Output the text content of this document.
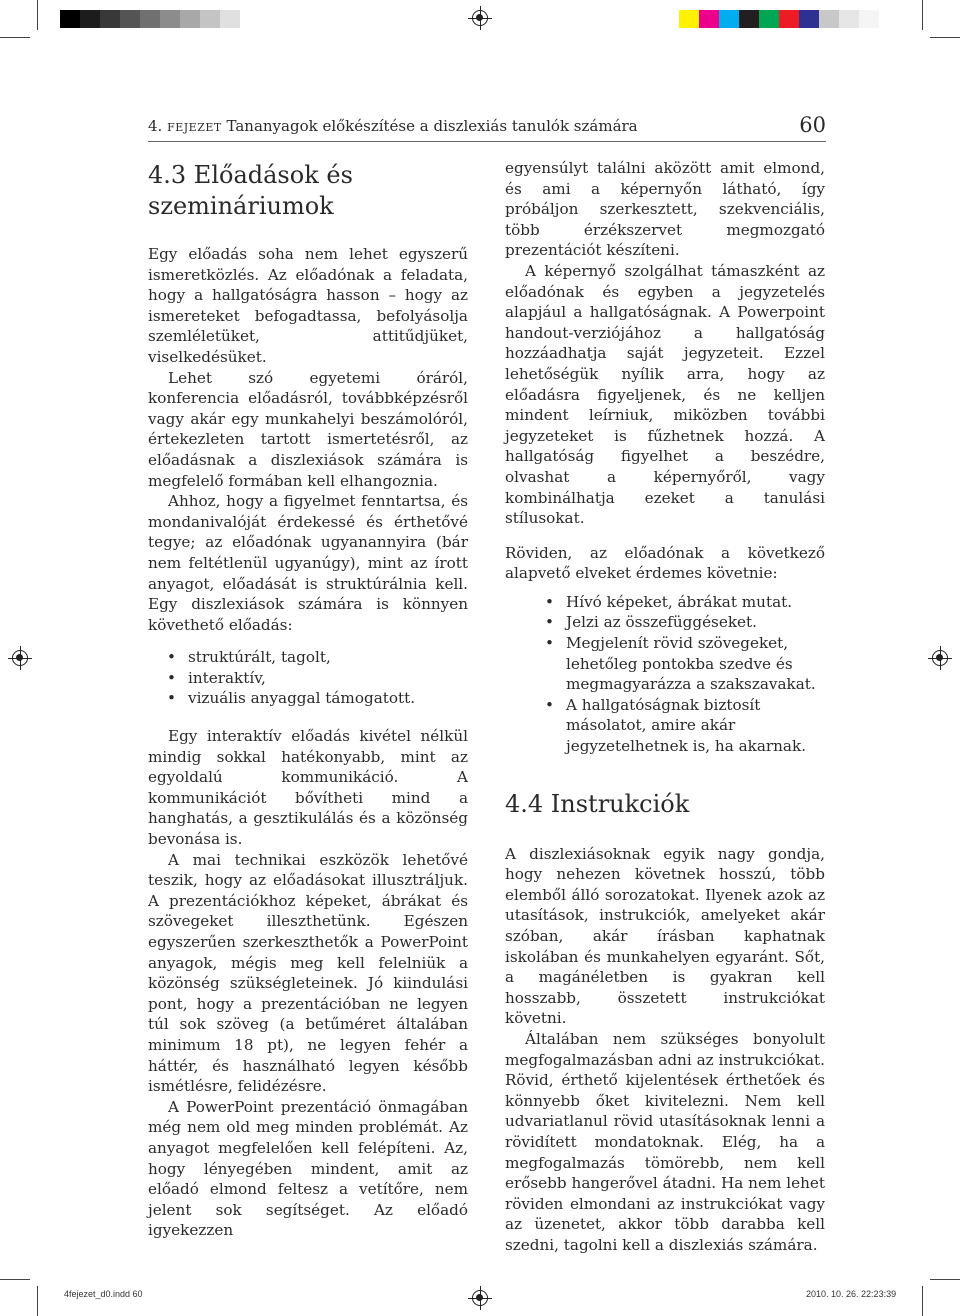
4. FEJEZET Tananyagok előkészítése a diszlexiás tanulók számára	60
4.3 Előadások és
szemináriumok

Egy előadás soha nem lehet egyszerű ismeretközlés. Az előadónak a feladata, hogy a hallgatóságra hasson – hogy az ismereteket befogadtassa, befolyásolja szemléletüket, attitűdjüket, viselkedésüket.

Lehet szó egyetemi óráról, konferencia előadásról, továbbképzésről vagy akár egy munkahelyi beszámolóról, értekezleten tartott ismertetésről, az előadásnak a diszlexiások számára is megfelelő formában kell elhangoznia.

Ahhoz, hogy a figyelmet fenntartsa, és mondanivalóját érdekessé és érthetővé tegye; az előadónak ugyanannyira (bár nem feltétlenül ugyanúgy), mint az írott anyagot, előadását is struktúrálnia kell. Egy diszlexiások számára is könnyen követhető előadás:

• struktúrált, tagolt,
• interaktív,
• vizuális anyaggal támogatott.

Egy interaktív előadás kivétel nélkül mindig sokkal hatékonyabb, mint az egyoldalú kommunikáció. A kommunikációt bővítheti mind a hanghatás, a gesztikulálás és a közönség bevonása is.

A mai technikai eszközök lehetővé teszik, hogy az előadásokat illusztráljuk. A prezentációkhoz képeket, ábrákat és szövegeket illeszthetünk. Egészen egyszerűen szerkeszthetők a PowerPoint anyagok, mégis meg kell felelniük a közönség szükségleteinek. Jó kiindulási pont, hogy a prezentációban ne legyen túl sok szöveg (a betűméret általában minimum 18 pt), ne legyen fehér a háttér, és használható legyen később ismétlésre, felidézésre.

A PowerPoint prezentáció önmagában még nem old meg minden problémát. Az anyagot megfelelően kell felépíteni. Az, hogy lényegében mindent, amit az előadó elmond feltesz a vetítőre, nem jelent sok segítséget. Az előadó igyekezzen

egyensúlyt találni aközött amit elmond, és ami a képernyőn látható, így próbáljon szerkesztett, szekvenciális, több érzékszervet megmozgató prezentációt készíteni.

A képernyő szolgálhat támaszként az előadónak és egyben a jegyzetelés alapjául a hallgatóságnak. A Powerpoint handout-verziójához a hallgatóság hozzáadhatja saját jegyzeteit. Ezzel lehetőségük nyílik arra, hogy az előadásra figyeljenek, és ne kelljen mindent leírniuk, miközben további jegyzeteket is fűzhetnek hozzá. A hallgatóság figyelhet a beszédre, olvashat a képernyőről, vagy kombinálhatja ezeket a tanulási stílusokat.

Röviden, az előadónak a következő alapvető elveket érdemes követnie:

• Hívó képeket, ábrákat mutat.
• Jelzi az összefüggéseket.
• Megjelenít rövid szövegeket, lehetőleg pontokba szedve és megmagyarázza a szakszavakat.
• A hallgatóságnak biztosít másolatot, amire akár jegyzetelhetnek is, ha akarnak.
4.4 Instrukciók

A diszlexiásoknak egyik nagy gondja, hogy nehezen követnek hosszú, több elemből álló sorozatokat. Ilyenek azok az utasítások, instrukciók, amelyeket akár szóban, akár írásban kaphatnak iskolában és munkahelyen egyaránt. Sőt, a magánéletben is gyakran kell hosszabb, összetett instrukciókat követni.

Általában nem szükséges bonyolult megfogalmazásban adni az instrukciókat. Rövid, érthető kijelentések érthetőek és könnyebb őket kivitelezni. Nem kell udvariatlanul rövid utasításoknak lenni a rövidített mondatoknak. Elég, ha a megfogalmazás tömörebb, nem kell erősebb hangerővel átadni. Ha nem lehet röviden elmondani az instrukciókat vagy az üzenetet, akkor több darabba kell szedni, tagolni kell a diszlexiás számára.

4fejezet_d0.indd 60	2010. 10. 26. 22:23:39
